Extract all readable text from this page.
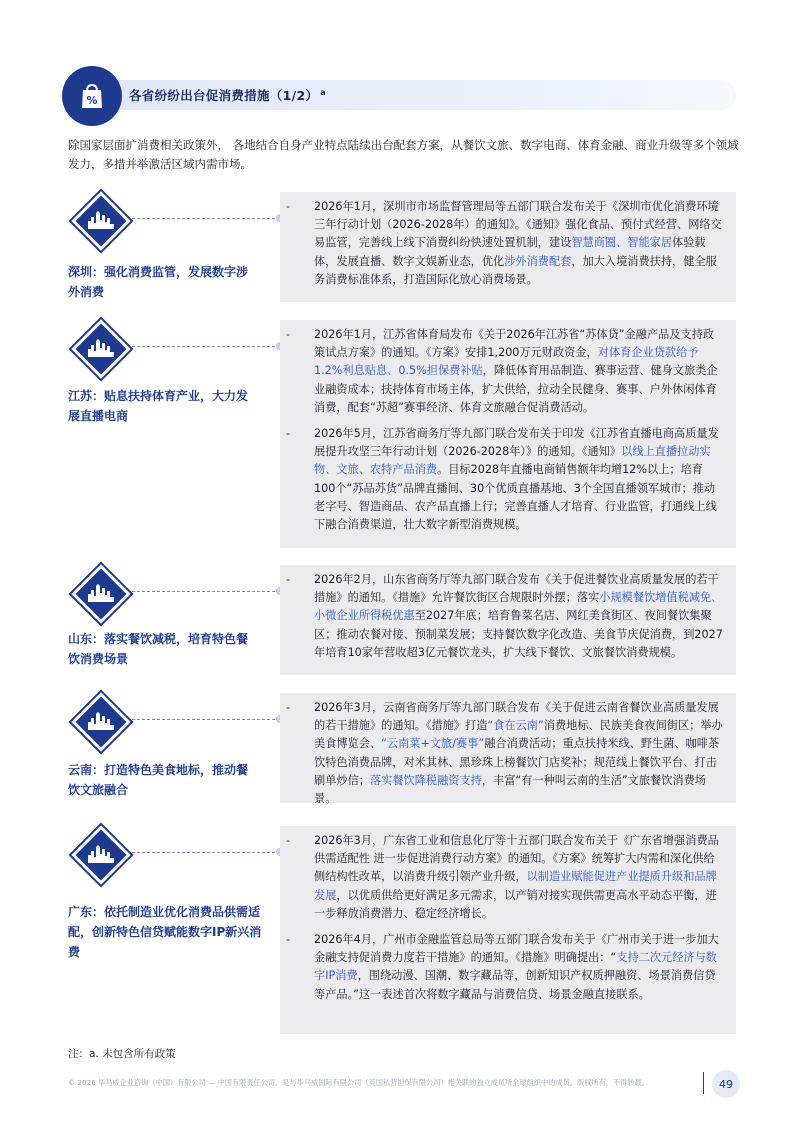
%	各省纷纷出台促消费措施（1/2） $^a$
除国家层面扩消费相关政策外， 各地结合自身产业特点陆续出台配套方案，从餐饮文旅、数字电商、体育金融、商业升级等多个领域发力，多措并举激活区域内需市场。
深圳：强化消费监管，发展数字涉外消费
- 2026年1月，深圳市市场监督管理局等五部门联合发布关于《深圳市优化消费环境三年行动计划（2026-2028年）的通知》。《通知》强化食品、预付式经营、网络交易监管，完善线上线下消费纠纷快速处置机制，建设智慧商圈、智能家居体验载体，发展直播、数字文娱新业态，优化涉外消费配套，加大入境消费扶持，健全服务消费标准体系，打造国际化放心消费场景。
江苏：贴息扶持体育产业，大力发展直播电商
- 2026年1月，江苏省体育局发布《关于2026年江苏省“苏体贷”金融产品及支持政策试点方案》的通知。《方案》安排1,200万元财政资金，对体育企业贷款给予1.2%利息贴息、0.5%担保费补贴，降低体育用品制造、赛事运营、健身文旅类企业融资成本；扶持体育市场主体，扩大供给，拉动全民健身、赛事、户外休闲体育消费，配套“苏超”赛事经济、体育文旅融合促消费活动。
- 2026年5月，江苏省商务厅等九部门联合发布关于印发《江苏省直播电商高质量发展提升攻坚三年行动计划（2026-2028年）》的通知。《通知》以线上直播拉动实物、文旅、农特产品消费。目标2028年直播电商销售额年均增12%以上；培育100个“苏品苏货”品牌直播间、30个优质直播基地、3个全国直播领军城市；推动老字号、智造商品、农产品直播上行；完善直播人才培育、行业监管，打通线上线下融合消费渠道，壮大数字新型消费规模。
山东：落实餐饮减税，培育特色餐饮消费场景
- 2026年2月，山东省商务厅等九部门联合发布《关于促进餐饮业高质量发展的若干措施》的通知。《措施》允许餐饮街区合规限时外摆；落实小规模餐饮增值税减免、小微企业所得税优惠至2027年底；培育鲁菜名店、网红美食街区、夜间餐饮集聚区；推动农餐对接、预制菜发展；支持餐饮数字化改造、美食节庆促消费，到2027年培育10家年营收超3亿元餐饮龙头，扩大线下餐饮、文旅餐饮消费规模。
云南：打造特色美食地标，推动餐饮文旅融合
- 2026年3月，云南省商务厅等九部门联合发布《关于促进云南省餐饮业高质量发展的若干措施》的通知。《措施》打造“食在云南”消费地标、民族美食夜间街区；举办美食博览会、“云南菜+文旅/赛事”融合消费活动；重点扶持米线、野生菌、咖啡茶饮特色消费品牌，对米其林、黑珍珠上榜餐饮门店奖补；规范线上餐饮平台、打击刷单炒信；落实餐饮降税融资支持，丰富“有一种叫云南的生活”文旅餐饮消费场景。
广东：依托制造业优化消费品供需适配，创新特色信贷赋能数字IP新兴消费
- 2026年3月，广东省工业和信息化厅等十五部门联合发布关于《广东省增强消费品供需适配性 进一步促进消费行动方案》的通知。《方案》统筹扩大内需和深化供给侧结构性改革，以消费升级引领产业升级，以制造业赋能促进产业提质升级和品牌发展，以优质供给更好满足多元需求，以产销对接实现供需更高水平动态平衡，进一步释放消费潜力、稳定经济增长。
- 2026年4月，广州市金融监管总局等五部门联合发布关于《广州市关于进一步加大金融支持促消费力度若干措施》的通知。《措施》明确提出：“支持二次元经济与数字IP消费，围绕动漫、国潮、数字藏品等，创新知识产权质押融资、场景消费信贷等产品。”这一表述首次将数字藏品与消费信贷、场景金融直接联系。
注：a. 未包含所有政策
© 2026 毕马威企业咨询（中国）有限公司 — 中国有限责任公司，是与毕马威国际有限公司（英国私营担保有限公司）相关联的独立成员所全球组织中的成员。版权所有，不得转载。	49
